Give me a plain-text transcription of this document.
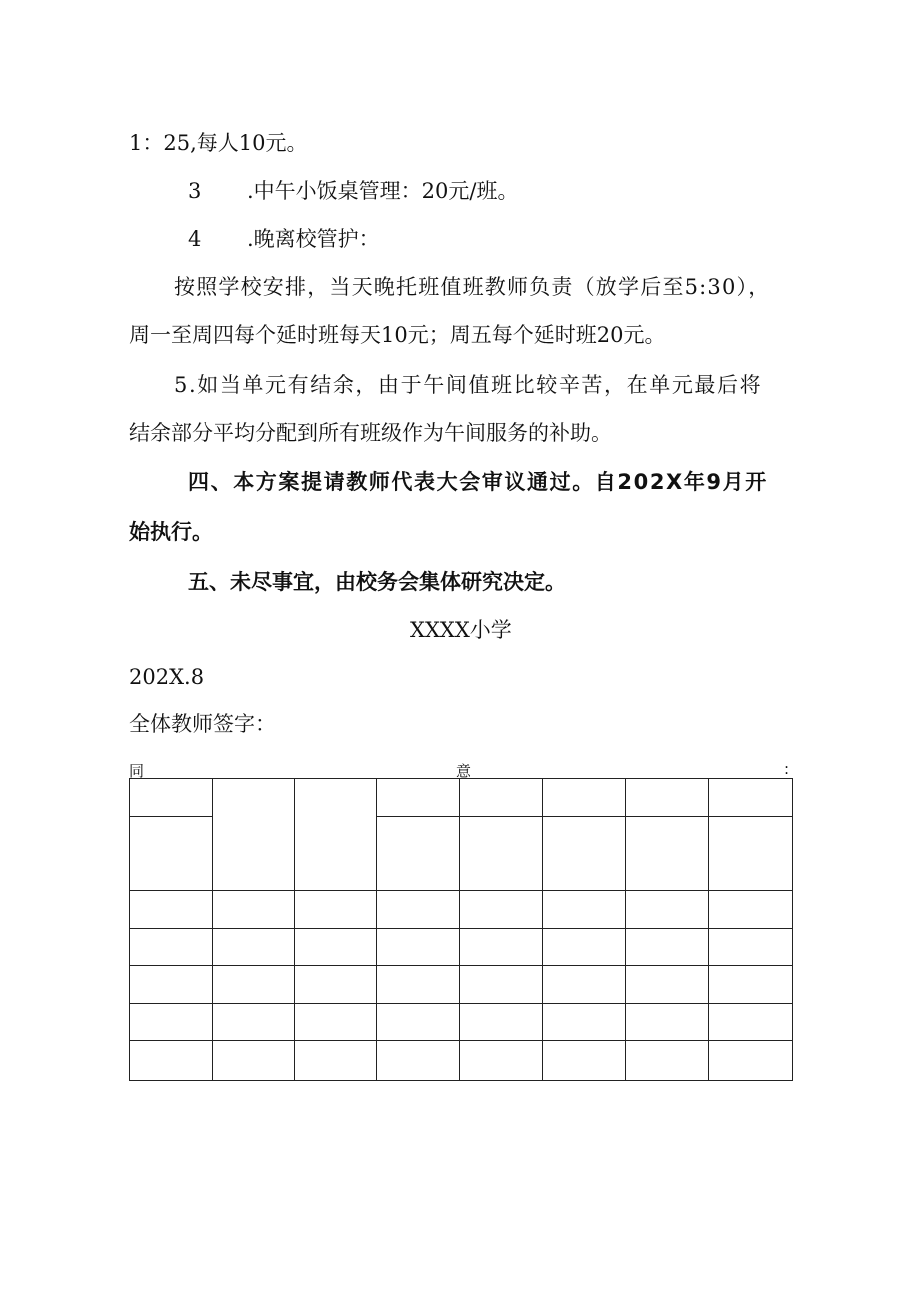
1：25,每人10元。
3 .中午小饭桌管理：20元/班。
4 .晚离校管护：
按照学校安排，当天晚托班值班教师负责（放学后至5:30），
周一至周四每个延时班每天10元；周五每个延时班20元。
5.如当单元有结余，由于午间值班比较辛苦，在单元最后将
结余部分平均分配到所有班级作为午间服务的补助。
四、本方案提请教师代表大会审议通过。自202X年9月开
始执行。
五、未尽事宜，由校务会集体研究决定。
XXXX小学
202X.8
全体教师签字：
同	意	:
